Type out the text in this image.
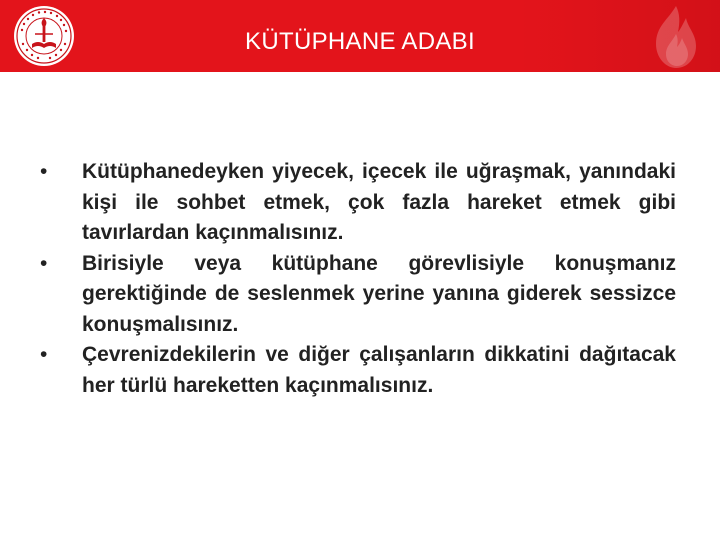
KÜTÜPHANE ADABI
•	Kütüphanedeyken yiyecek, içecek ile uğraşmak, yanındaki kişi ile sohbet etmek, çok fazla hareket etmek gibi tavırlardan kaçınmalısınız.
•	Birisiyle veya kütüphane görevlisiyle konuşmanız gerektiğinde de seslenmek yerine yanına giderek sessizce konuşmalısınız.
•	Çevrenizdekilerin ve diğer çalışanların dikkatini dağıtacak her türlü hareketten kaçınmalısınız.
